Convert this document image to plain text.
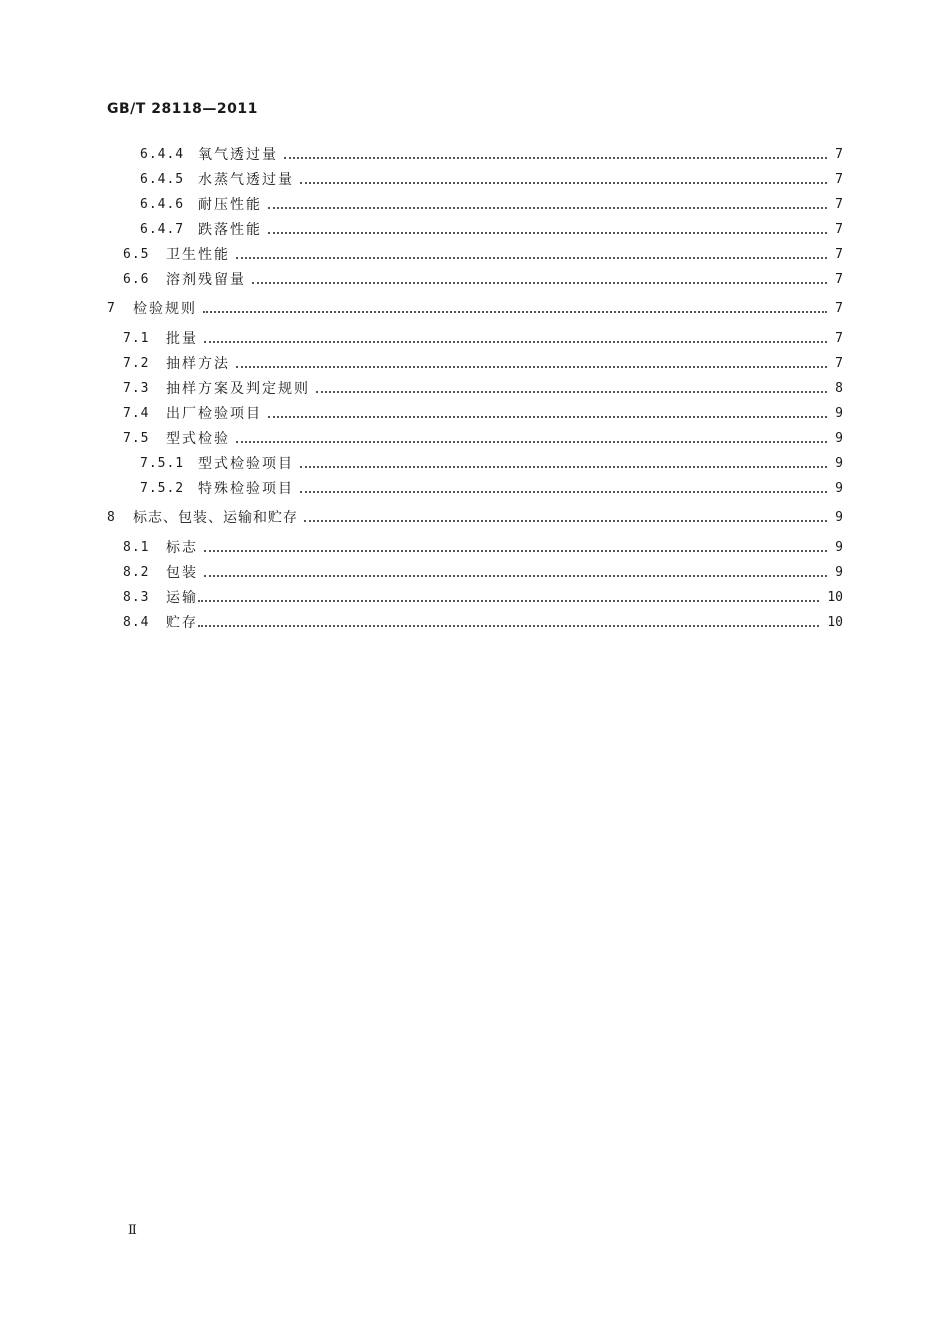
GB/T 28118—2011
6.4.4 氧气透过量	7
6.4.5 水蒸气透过量	7
6.4.6 耐压性能	7
6.4.7 跌落性能	7
6.5	卫生性能	7
6.6	溶剂残留量	7
7	检验规则	7
7.1	批量	7
7.2	抽样方法	7
7.3	抽样方案及判定规则	8
7.4	出厂检验项目	9
7.5	型式检验	9
7.5.1 型式检验项目	9
7.5.2 特殊检验项目	9
8	标志、包装、运输和贮存	9
8.1	标志	9
8.2	包装	9
8.3	运输	10
8.4	贮存	10
Ⅱ
